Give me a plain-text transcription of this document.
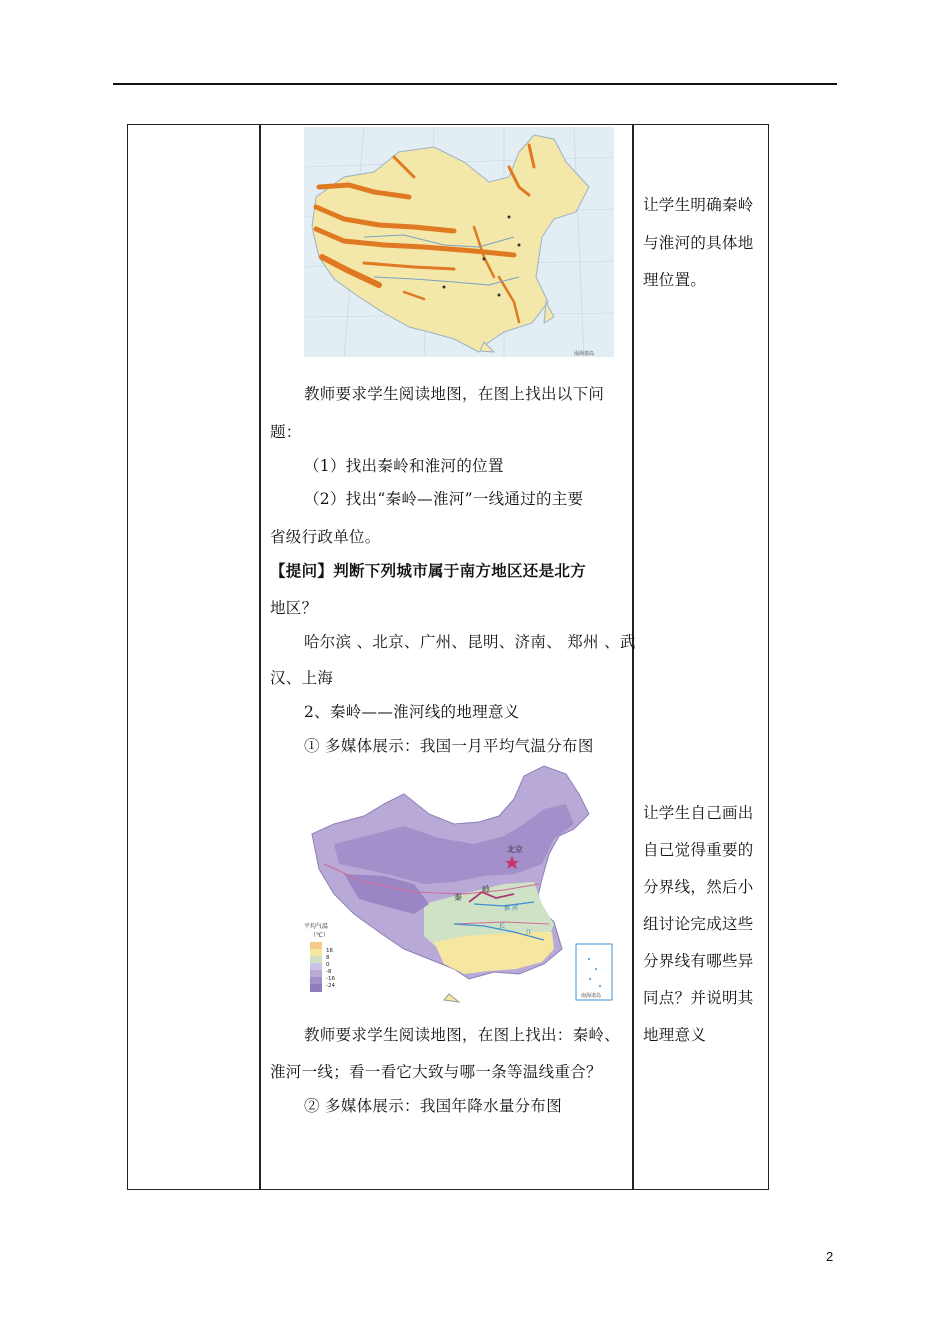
南海诸岛
教师要求学生阅读地图，在图上找出以下问
题：
（1）找出秦岭和淮河的位置
（2）找出“秦岭—淮河”一线通过的主要
省级行政单位。
【提问】判断下列城市属于南方地区还是北方
地区？
哈尔滨 、北京、广州、昆明、济南、 郑州 、武
汉、上海
2、秦岭——淮河线的地理意义
① 多媒体展示：我国一月平均气温分布图
北京
秦
岭
淮 河
长
江
平均气温
（℃）
16
8
0
-8
-16
-24
南海诸岛
教师要求学生阅读地图，在图上找出：秦岭、
淮河一线；看一看它大致与哪一条等温线重合？
② 多媒体展示：我国年降水量分布图
让学生明确秦岭
与淮河的具体地
理位置。
让学生自己画出
自己觉得重要的
分界线，然后小
组讨论完成这些
分界线有哪些异
同点？并说明其
地理意义
2
